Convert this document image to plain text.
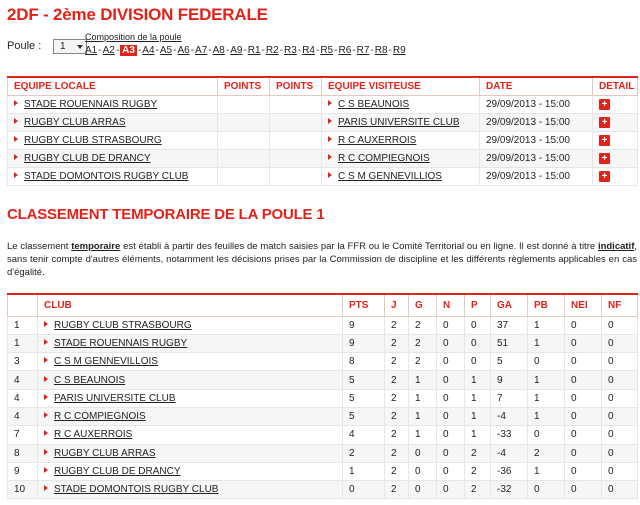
2DF - 2ème DIVISION FEDERALE
Poule :	1
Composition de la poule
A1 - A2 - A3 - A4 - A5 - A6 - A7 - A8 - A9 - R1 - R2 - R3 - R4 - R5 - R6 - R7 - R8 - R9
EQUIPE LOCALE	POINTS	POINTS	EQUIPE VISITEUSE	DATE	DETAIL
STADE ROUENNAIS RUGBY			C S BEAUNOIS	29/09/2013 - 15:00	+
RUGBY CLUB ARRAS			PARIS UNIVERSITE CLUB	29/09/2013 - 15:00	+
RUGBY CLUB STRASBOURG			R C AUXERROIS	29/09/2013 - 15:00	+
RUGBY CLUB DE DRANCY			R C COMPIEGNOIS	29/09/2013 - 15:00	+
STADE DOMONTOIS RUGBY CLUB			C S M GENNEVILLIOS	29/09/2013 - 15:00	+
CLASSEMENT TEMPORAIRE DE LA POULE 1
Le classement temporaire est établi à partir des feuilles de match saisies par la FFR ou le Comité Territorial ou en ligne. Il est donné à titre indicatif, sans tenir compte d'autres éléments, notamment les décisions prises par la Commission de discipline et les différents règlements applicables en cas d'égalité.
	CLUB	PTS	J	G	N	P	GA	PB	NEI	NF
1	RUGBY CLUB STRASBOURG	9	2	2	0	0	37	1	0	0
1	STADE ROUENNAIS RUGBY	9	2	2	0	0	51	1	0	0
3	C S M GENNEVILLOIS	8	2	2	0	0	5	0	0	0
4	C S BEAUNOIS	5	2	1	0	1	9	1	0	0
4	PARIS UNIVERSITE CLUB	5	2	1	0	1	7	1	0	0
4	R C COMPIEGNOIS	5	2	1	0	1	-4	1	0	0
7	R C AUXERROIS	4	2	1	0	1	-33	0	0	0
8	RUGBY CLUB ARRAS	2	2	0	0	2	-4	2	0	0
9	RUGBY CLUB DE DRANCY	1	2	0	0	2	-36	1	0	0
10	STADE DOMONTOIS RUGBY CLUB	0	2	0	0	2	-32	0	0	0
